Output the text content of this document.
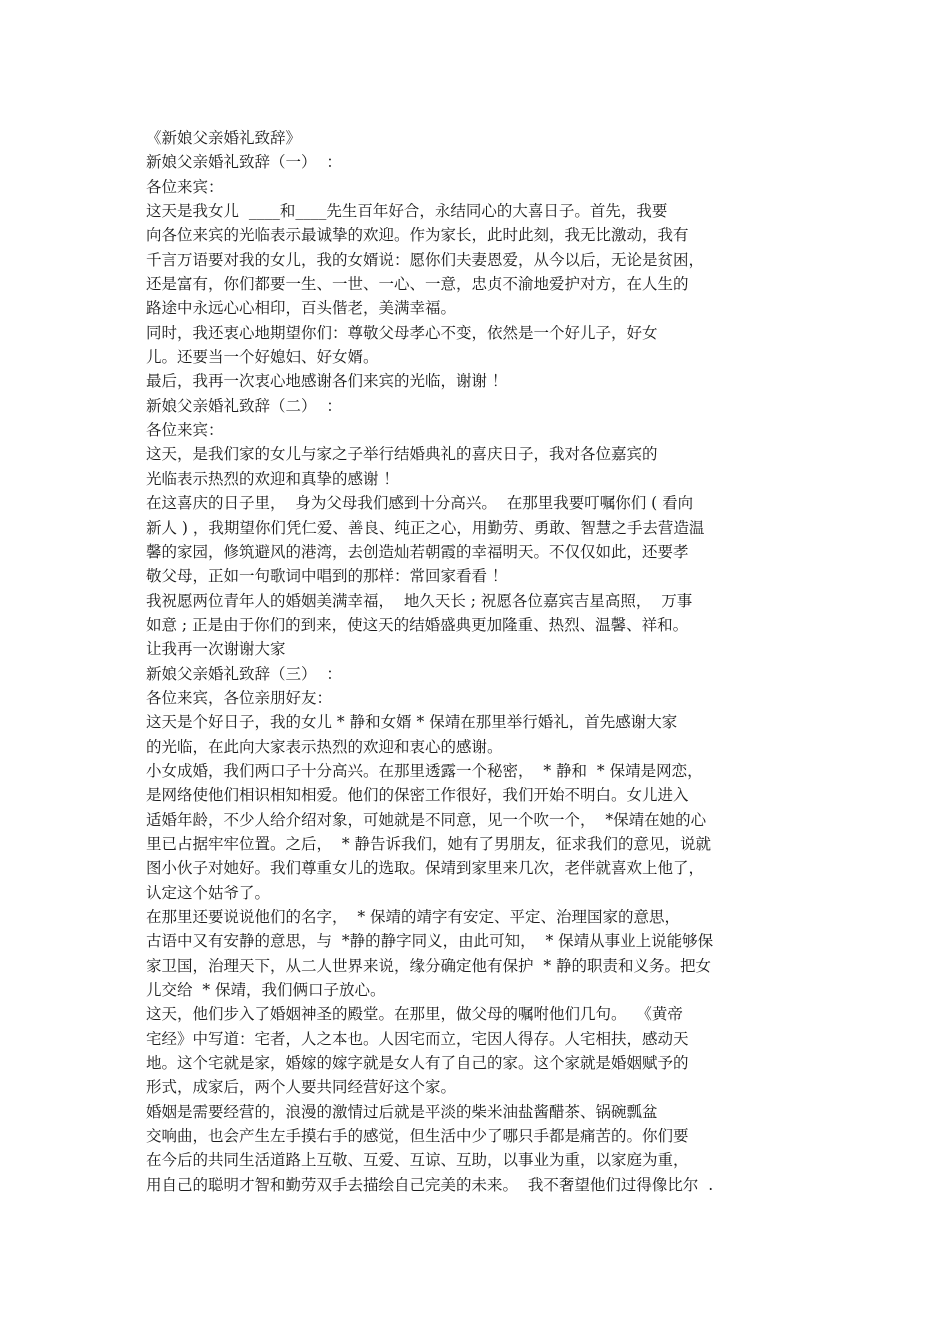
《新娘父亲婚礼致辞》
新娘父亲婚礼致辞（一）  ：
各位来宾：
这天是我女儿  ____和____先生百年好合，永结同心的大喜日子。首先，我要
向各位来宾的光临表示最诚挚的欢迎。作为家长，此时此刻，我无比激动，我有
千言万语要对我的女儿，我的女婿说：愿你们夫妻恩爱，从今以后，无论是贫困，
还是富有，你们都要一生、一世、一心、一意，忠贞不渝地爱护对方，在人生的
路途中永远心心相印，百头偕老，美满幸福。
同时，我还衷心地期望你们：尊敬父母孝心不变，依然是一个好儿子，好女
儿。还要当一个好媳妇、好女婿。
最后，我再一次衷心地感谢各们来宾的光临，谢谢 ！
新娘父亲婚礼致辞（二）  ：
各位来宾：
这天，是我们家的女儿与家之子举行结婚典礼的喜庆日子，我对各位嘉宾的
光临表示热烈的欢迎和真挚的感谢 ！
在这喜庆的日子里，  身为父母我们感到十分高兴。  在那里我要叮嘱你们 ( 看向
新人 ) ，我期望你们凭仁爱、善良、纯正之心，用勤劳、勇敢、智慧之手去营造温
馨的家园，修筑避风的港湾，去创造灿若朝霞的幸福明天。不仅仅如此，还要孝
敬父母，正如一句歌词中唱到的那样：常回家看看 ！
我祝愿两位青年人的婚姻美满幸福，  地久天长 ; 祝愿各位嘉宾吉星高照，  万事
如意 ; 正是由于你们的到来，使这天的结婚盛典更加隆重、热烈、温馨、祥和。
让我再一次谢谢大家
新娘父亲婚礼致辞（三）  ：
各位来宾，各位亲朋好友：
这天是个好日子，我的女儿 * 静和女婿 * 保靖在那里举行婚礼，首先感谢大家
的光临，在此向大家表示热烈的欢迎和衷心的感谢。
小女成婚，我们两口子十分高兴。在那里透露一个秘密，  * 静和  * 保靖是网恋，
是网络使他们相识相知相爱。他们的保密工作很好，我们开始不明白。女儿进入
适婚年龄，不少人给介绍对象，可她就是不同意，见一个吹一个，  *保靖在她的心
里已占据牢牢位置。之后，  * 静告诉我们，她有了男朋友，征求我们的意见，说就
图小伙子对她好。我们尊重女儿的选取。保靖到家里来几次，老伴就喜欢上他了，
认定这个姑爷了。
在那里还要说说他们的名字，  * 保靖的靖字有安定、平定、治理国家的意思，
古语中又有安静的意思，与  *静的静字同义，由此可知，  * 保靖从事业上说能够保
家卫国，治理天下，从二人世界来说，缘分确定他有保护  * 静的职责和义务。把女
儿交给  * 保靖，我们俩口子放心。
这天，他们步入了婚姻神圣的殿堂。在那里，做父母的嘱咐他们几句。  《黄帝
宅经》中写道：宅者，人之本也。人因宅而立，宅因人得存。人宅相扶，感动天
地。这个宅就是家，婚嫁的嫁字就是女人有了自己的家。这个家就是婚姻赋予的
形式，成家后，两个人要共同经营好这个家。
婚姻是需要经营的，浪漫的激情过后就是平淡的柴米油盐酱醋茶、锅碗瓢盆
交响曲，也会产生左手摸右手的感觉，但生活中少了哪只手都是痛苦的。你们要
在今后的共同生活道路上互敬、互爱、互谅、互助，以事业为重，以家庭为重，
用自己的聪明才智和勤劳双手去描绘自己完美的未来。  我不奢望他们过得像比尔  .
